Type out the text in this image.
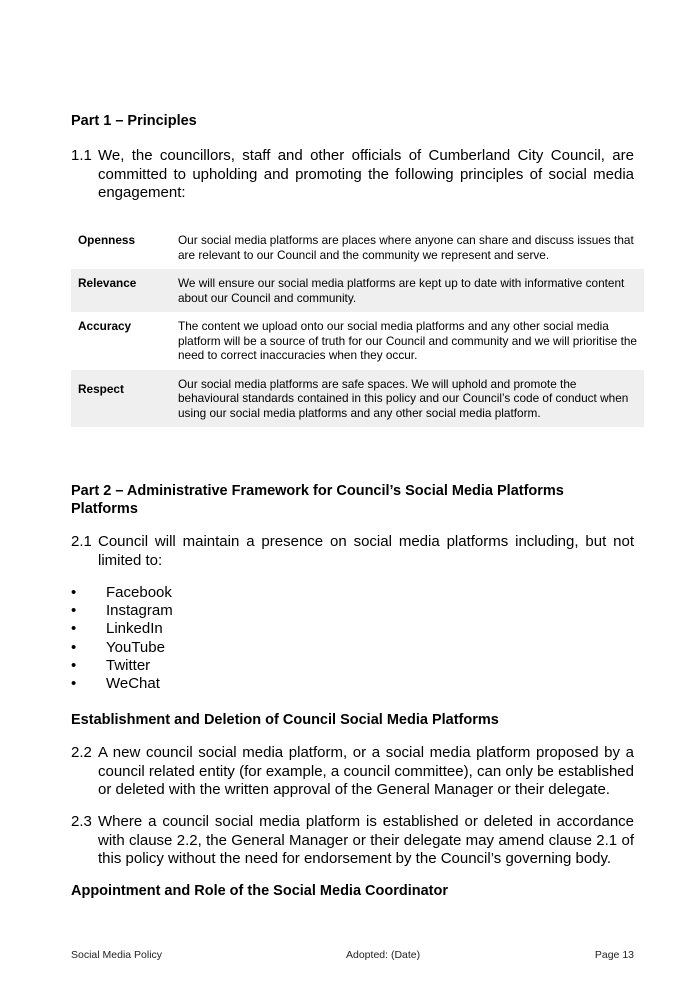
Part 1 – Principles
1.1 We, the councillors, staff and other officials of Cumberland City Council, are committed to upholding and promoting the following principles of social media engagement:
Openness	Our social media platforms are places where anyone can share and discuss issues that are relevant to our Council and the community we represent and serve.
Relevance	We will ensure our social media platforms are kept up to date with informative content about our Council and community.
Accuracy	The content we upload onto our social media platforms and any other social media platform will be a source of truth for our Council and community and we will prioritise the need to correct inaccuracies when they occur.
Respect	Our social media platforms are safe spaces. We will uphold and promote the behavioural standards contained in this policy and our Council’s code of conduct when using our social media platforms and any other social media platform.
Part 2 – Administrative Framework for Council’s Social Media Platforms
Platforms
2.1 Council will maintain a presence on social media platforms including, but not limited to:
• Facebook
• Instagram
• LinkedIn
• YouTube
• Twitter
• WeChat
Establishment and Deletion of Council Social Media Platforms
2.2 A new council social media platform, or a social media platform proposed by a council related entity (for example, a council committee), can only be established or deleted with the written approval of the General Manager or their delegate.
2.3 Where a council social media platform is established or deleted in accordance with clause 2.2, the General Manager or their delegate may amend clause 2.1 of this policy without the need for endorsement by the Council’s governing body.
Appointment and Role of the Social Media Coordinator
Social Media Policy	Adopted: (Date)	Page 13
